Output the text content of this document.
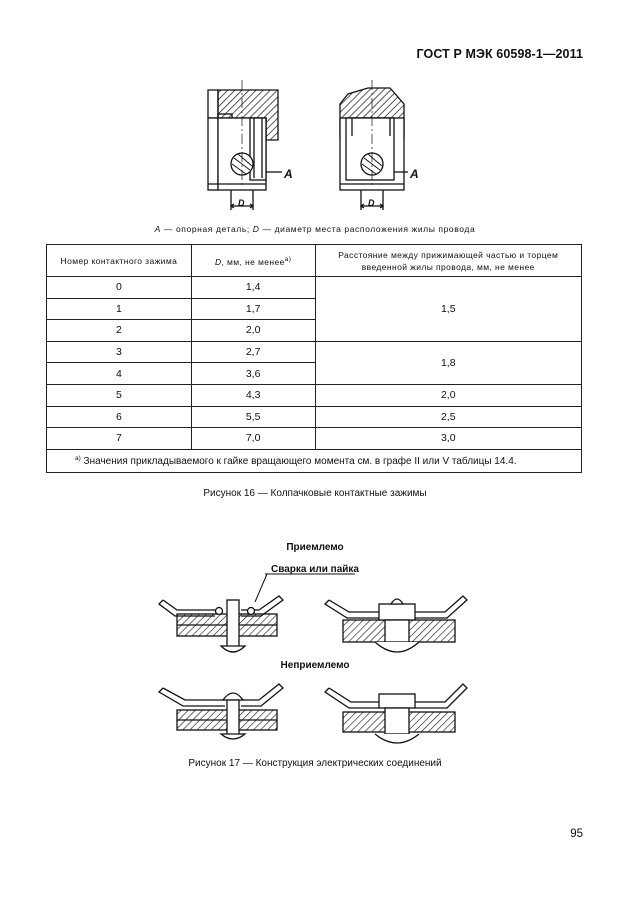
ГОСТ Р МЭК 60598-1—2011
A
D
A
D
A — опорная деталь; D — диаметр места расположения жилы провода
Номер контактного зажима	D, мм, не менее$^{a)}$	Расстояние между прижимающей частью и торцем введенной жилы провода, мм, не менее
0	1,4	1,5
1	1,7	
2	2,0	
3	2,7	1,8
4	3,6	
5	4,3	2,0
6	5,5	2,5
7	7,0	3,0
$^{a)}$ Значения прикладываемого к гайке вращающего момента см. в графе II или V таблицы 14.4.		
Рисунок 16 — Колпачковые контактные зажимы
Приемлемо
Сварка или пайка
Неприемлемо
Рисунок 17 — Конструкция электрических соединений
95
